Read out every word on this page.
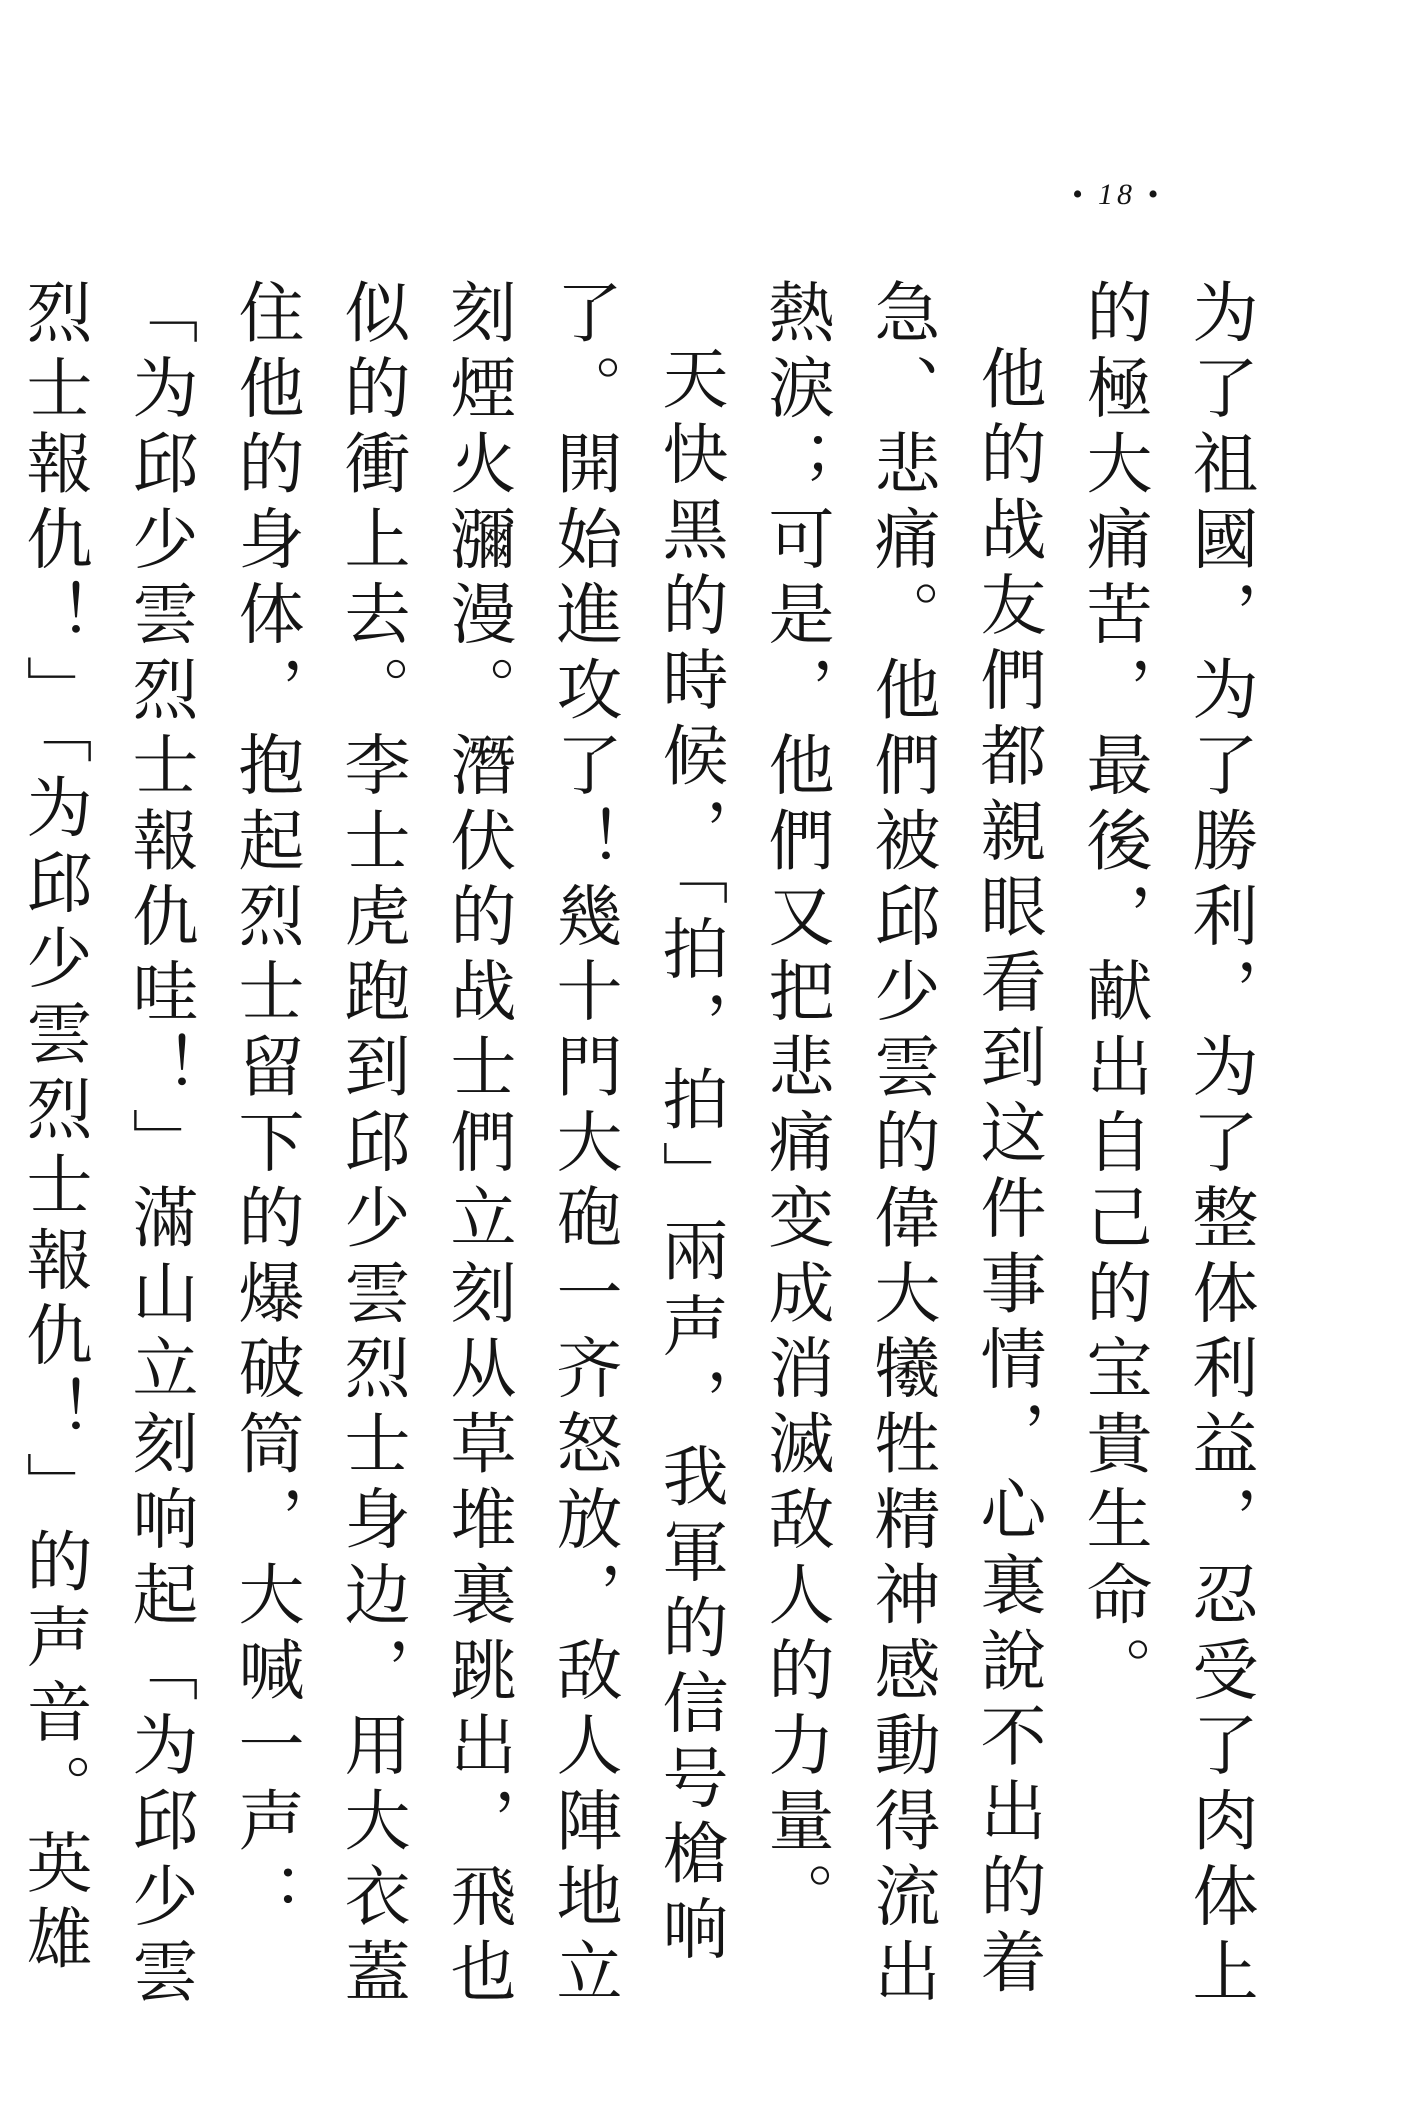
• 18 •

为了祖國，为了勝利，为了整体利益，忍受了肉体上的極大痛苦，最後，献出自己的宝貴生命。

他的战友們都親眼看到这件事情，心裏說不出的着急、悲痛。他們被邱少雲的偉大犧牲精神感動得流出熱淚；可是，他們又把悲痛变成消滅敌人的力量。

天快黑的時候，「拍，拍」兩声，我軍的信号槍响了。開始進攻了！幾十門大砲一齐怒放，敌人陣地立刻煙火瀰漫。潛伏的战士們立刻从草堆裏跳出，飛也似的衝上去。李士虎跑到邱少雲烈士身边，用大衣蓋住他的身体，抱起烈士留下的爆破筒，大喊一声：「为邱少雲烈士報仇哇！」滿山立刻响起「为邱少雲烈士報仇！」「为邱少雲烈士報仇！」的声音。英雄
